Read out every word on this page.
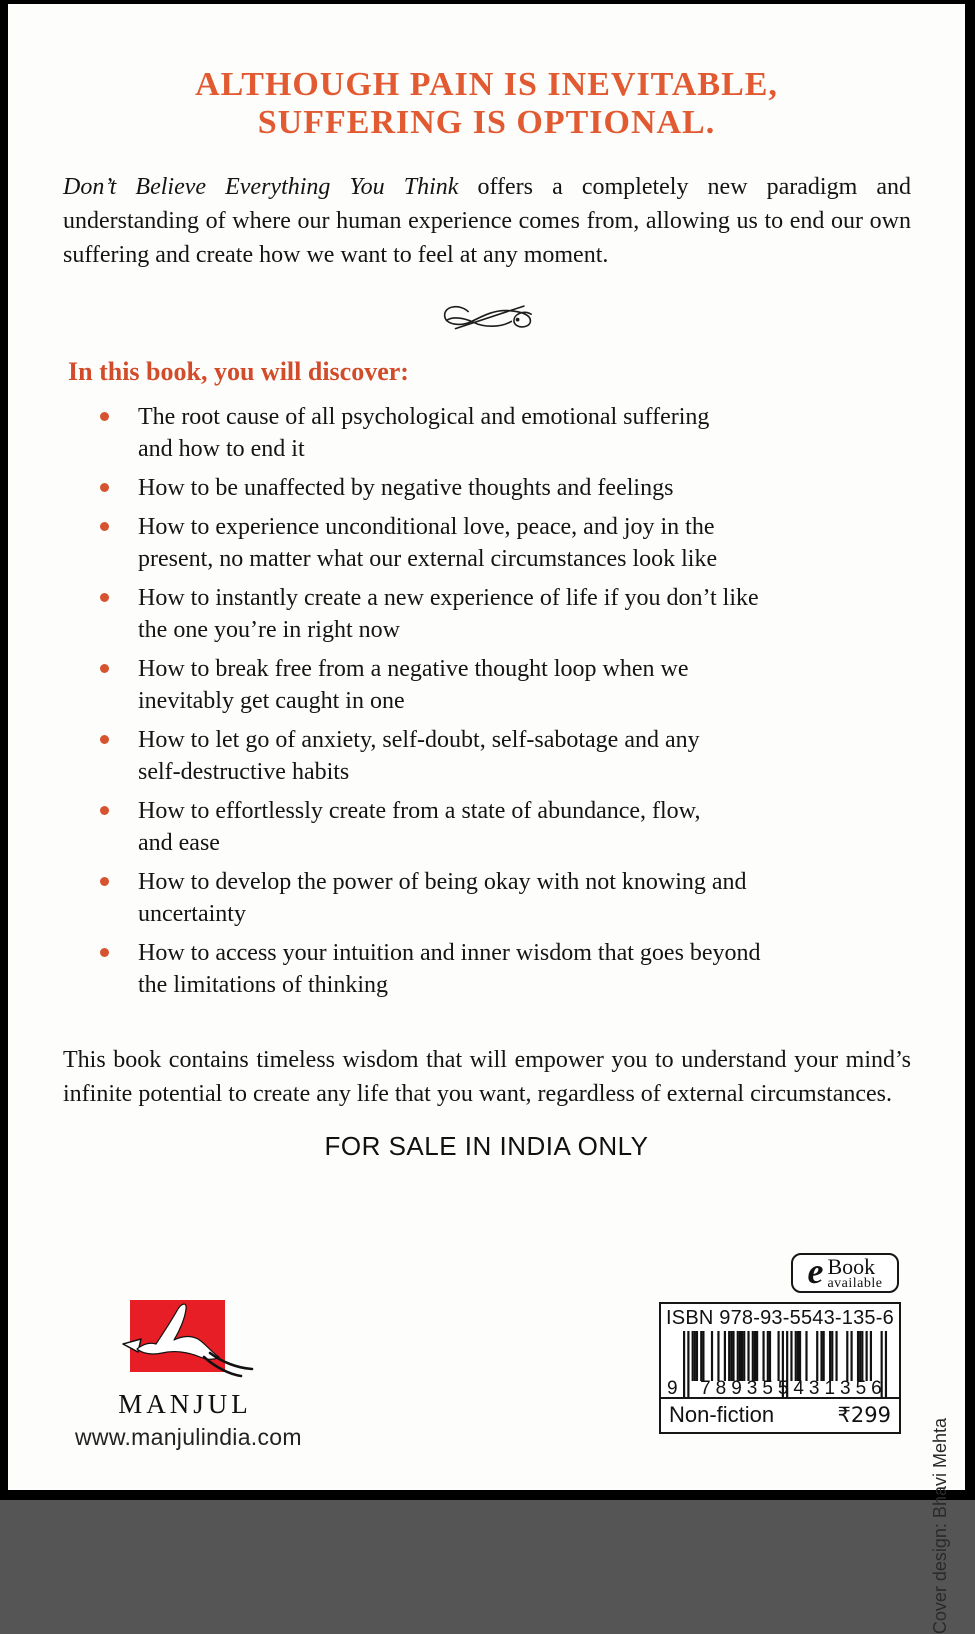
ALTHOUGH PAIN IS INEVITABLE,
SUFFERING IS OPTIONAL.

Don’t Believe Everything You Think offers a completely new paradigm and understanding of where our human experience comes from, allowing us to end our own suffering and create how we want to feel at any moment.

In this book, you will discover:
The root cause of all psychological and emotional suffering
and how to end it
How to be unaffected by negative thoughts and feelings
How to experience unconditional love, peace, and joy in the
present, no matter what our external circumstances look like
How to instantly create a new experience of life if you don’t like
the one you’re in right now
How to break free from a negative thought loop when we
inevitably get caught in one
How to let go of anxiety, self-doubt, self-sabotage and any
self-destructive habits
How to effortlessly create from a state of abundance, flow,
and ease
How to develop the power of being okay with not knowing and
uncertainty
How to access your intuition and inner wisdom that goes beyond
the limitations of thinking

This book contains timeless wisdom that will empower you to understand your mind’s infinite potential to create any life that you want, regardless of external circumstances.

FOR SALE IN INDIA ONLY
MANJUL
www.manjulindia.com
e Book
available
ISBN 978-93-5543-135-6
9 789355 431356
Non-fiction	₹299
Cover design: Bhavi Mehta
